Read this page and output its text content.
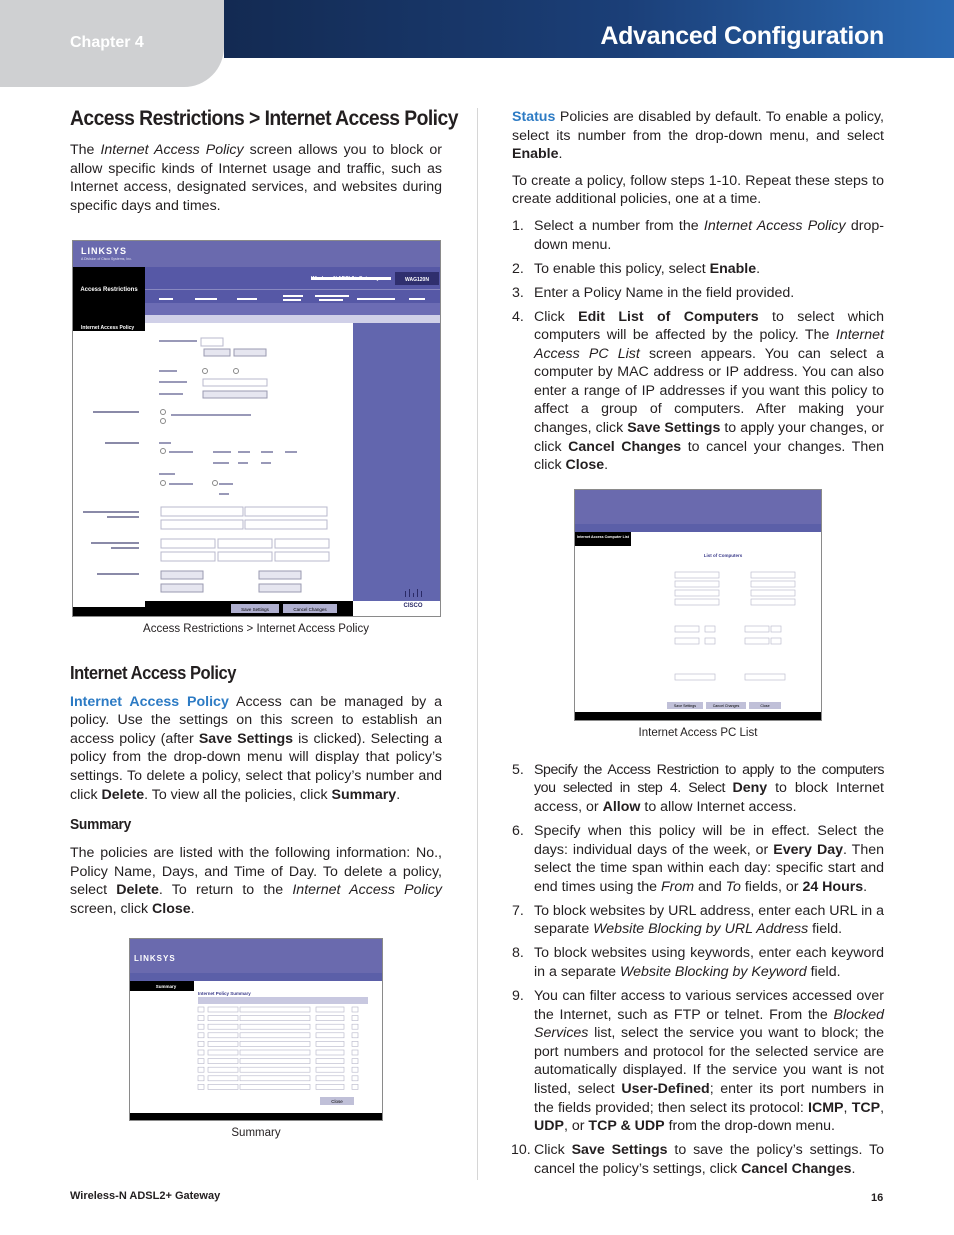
Chapter 4	Advanced Configuration
Access Restrictions > Internet Access Policy

The Internet Access Policy screen allows you to block or allow specific kinds of Internet usage and traffic, such as Internet access, designated services, and websites during specific days and times.

WAG120N
LINKSYS
A Division of Cisco Systems, Inc.
Wireless-N ADSL2+ Gateway
Access Restrictions
Internet Access Policy
Save Settings	Cancel Changes
CISCO
Access Restrictions > Internet Access Policy
Internet Access Policy

Internet Access Policy Access can be managed by a policy. Use the settings on this screen to establish an access policy (after Save Settings is clicked). Selecting a policy from the drop-down menu will display that policy’s settings. To delete a policy, select that policy’s number and click Delete. To view all the policies, click Summary.

Summary

The policies are listed with the following information: No., Policy Name, Days, and Time of Day. To delete a policy, select Delete. To return to the Internet Access Policy screen, click Close.

LINKSYS
Summary
Internet Policy Summary
Close
Summary

Status Policies are disabled by default. To enable a policy, select its number from the drop-down menu, and select Enable.

To create a policy, follow steps 1-10. Repeat these steps to create additional policies, one at a time.

1. Select a number from the Internet Access Policy drop-down menu.
2. To enable this policy, select Enable.
3. Enter a Policy Name in the field provided.
4. Click Edit List of Computers to select which computers will be affected by the policy. The Internet Access PC List screen appears. You can select a computer by MAC address or IP address. You can also enter a range of IP addresses if you want this policy to affect a group of computers. After making your changes, click Save Settings to apply your changes, or click Cancel Changes to cancel your changes. Then click Close.
Internet Access Computer List
List of Computers
Save Settings	Cancel Changes	Close
Internet Access PC List
5. Specify the Access Restriction to apply to the computers you selected in step 4. Select Deny to block Internet access, or Allow to allow Internet access.
6. Specify when this policy will be in effect. Select the days: individual days of the week, or Every Day. Then select the time span within each day: specific start and end times using the From and To fields, or 24 Hours.
7. To block websites by URL address, enter each URL in a separate Website Blocking by URL Address field.
8. To block websites using keywords, enter each keyword in a separate Website Blocking by Keyword field.
9. You can filter access to various services accessed over the Internet, such as FTP or telnet. From the Blocked Services list, select the service you want to block; the port numbers and protocol for the selected service are automatically displayed. If the service you want is not listed, select User-Defined; enter its port numbers in the fields provided; then select its protocol: ICMP, TCP, UDP, or TCP & UDP from the drop-down menu.
10. Click Save Settings to save the policy’s settings. To cancel the policy’s settings, click Cancel Changes.
Wireless-N ADSL2+ Gateway	16
